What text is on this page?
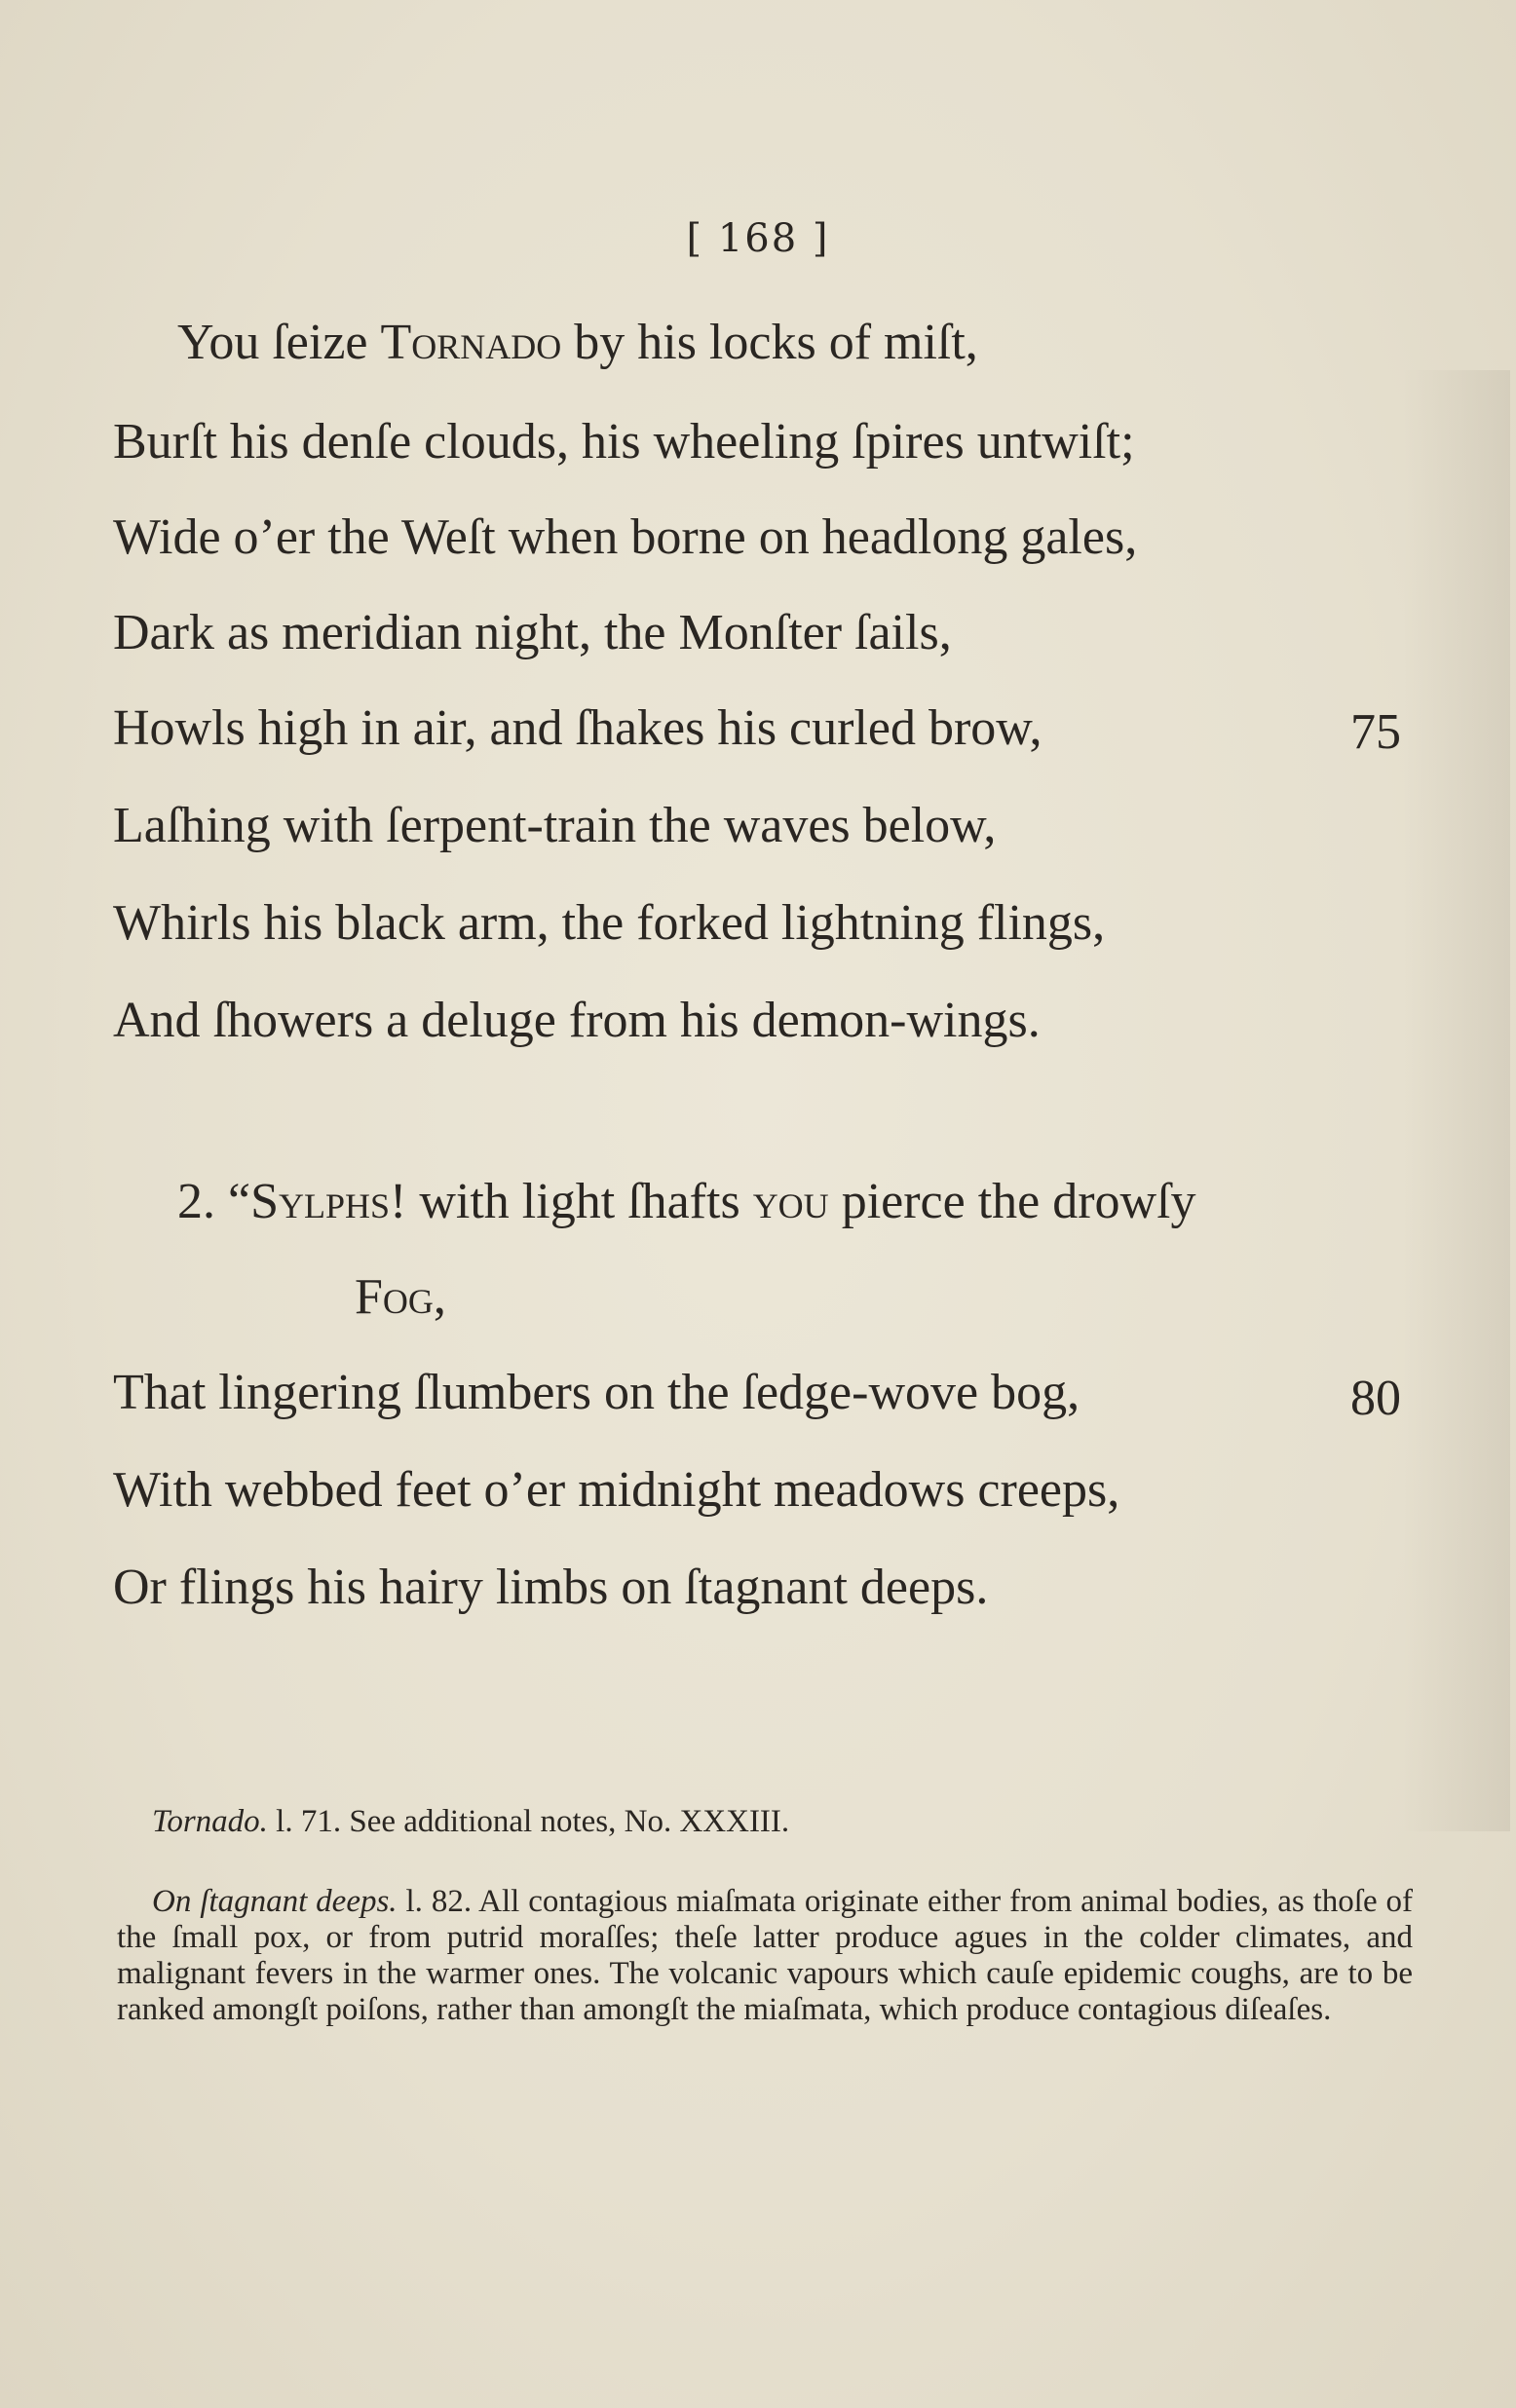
[ 168 ]
You ſeize Tornado by his locks of miſt,
Burſt his denſe clouds, his wheeling ſpires untwiſt;
Wide o’er the Weſt when borne on headlong gales,
Dark as meridian night, the Monſter ſails,
Howls high in air, and ſhakes his curled brow,	75
Laſhing with ſerpent-train the waves below,
Whirls his black arm, the forked lightning flings,
And ſhowers a deluge from his demon-wings.
2. “Sylphs! with light ſhafts you pierce the drowſy
Fog,
That lingering ſlumbers on the ſedge-wove bog,	80
With webbed feet o’er midnight meadows creeps,
Or flings his hairy limbs on ſtagnant deeps.
Tornado. l. 71. See additional notes, No. XXXIII.
On ſtagnant deeps. l. 82. All contagious miaſmata originate either from animal bodies, as thoſe of the ſmall pox, or from putrid moraſſes; theſe latter produce agues in the colder climates, and malignant fevers in the warmer ones. The volcanic vapours which cauſe epidemic coughs, are to be ranked amongſt poiſons, rather than amongſt the miaſmata, which produce contagious diſeaſes.
